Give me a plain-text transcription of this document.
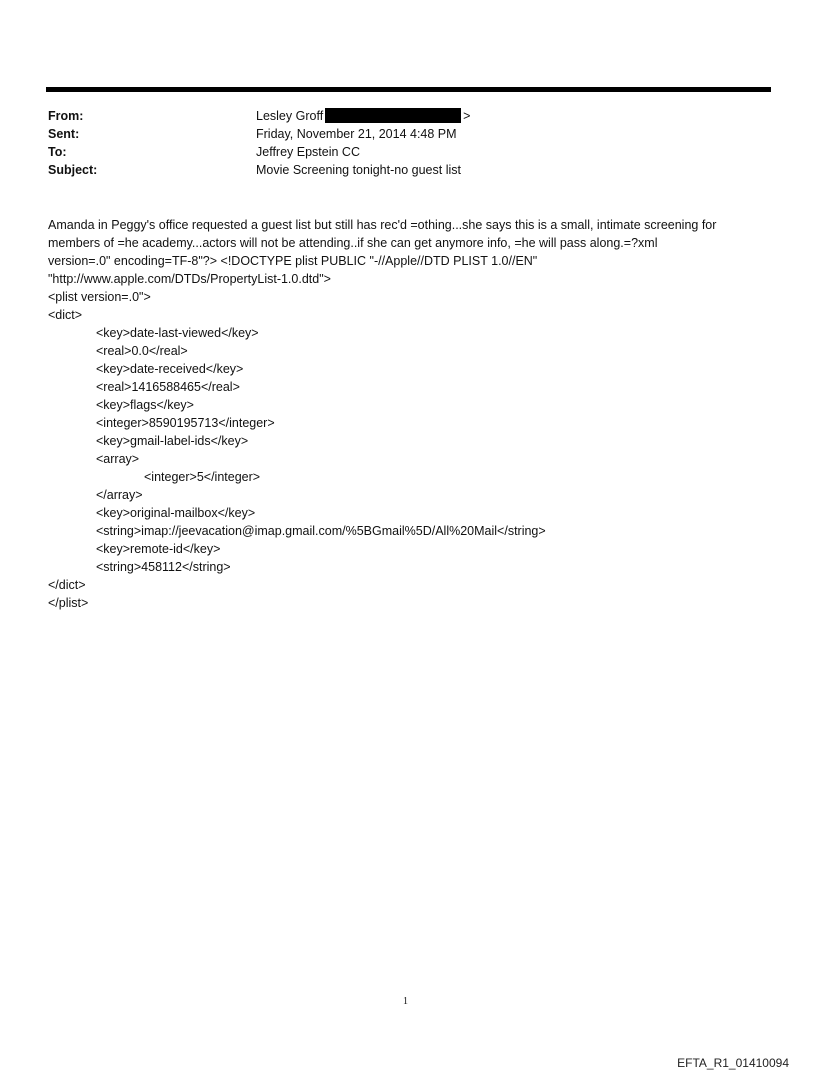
From:	Lesley Groff	>
Sent:	Friday, November 21, 2014 4:48 PM
To:	Jeffrey Epstein CC
Subject:	Movie Screening tonight-no guest list
Amanda in Peggy's office requested a guest list but still has rec'd =othing...she says this is a small, intimate screening for
members of =he academy...actors will not be attending..if she can get anymore info, =he will pass along.=?xml
version=.0" encoding=TF-8"?> <!DOCTYPE plist PUBLIC "-//Apple//DTD PLIST 1.0//EN"
"http://www.apple.com/DTDs/PropertyList-1.0.dtd">
<plist version=.0">
<dict>
<key>date-last-viewed</key>
<real>0.0</real>
<key>date-received</key>
<real>1416588465</real>
<key>flags</key>
<integer>8590195713</integer>
<key>gmail-label-ids</key>
<array>
<integer>5</integer>
</array>
<key>original-mailbox</key>
<string>imap://jeevacation@imap.gmail.com/%5BGmail%5D/All%20Mail</string>
<key>remote-id</key>
<string>458112</string>
</dict>
</plist>
1
EFTA_R1_01410094
